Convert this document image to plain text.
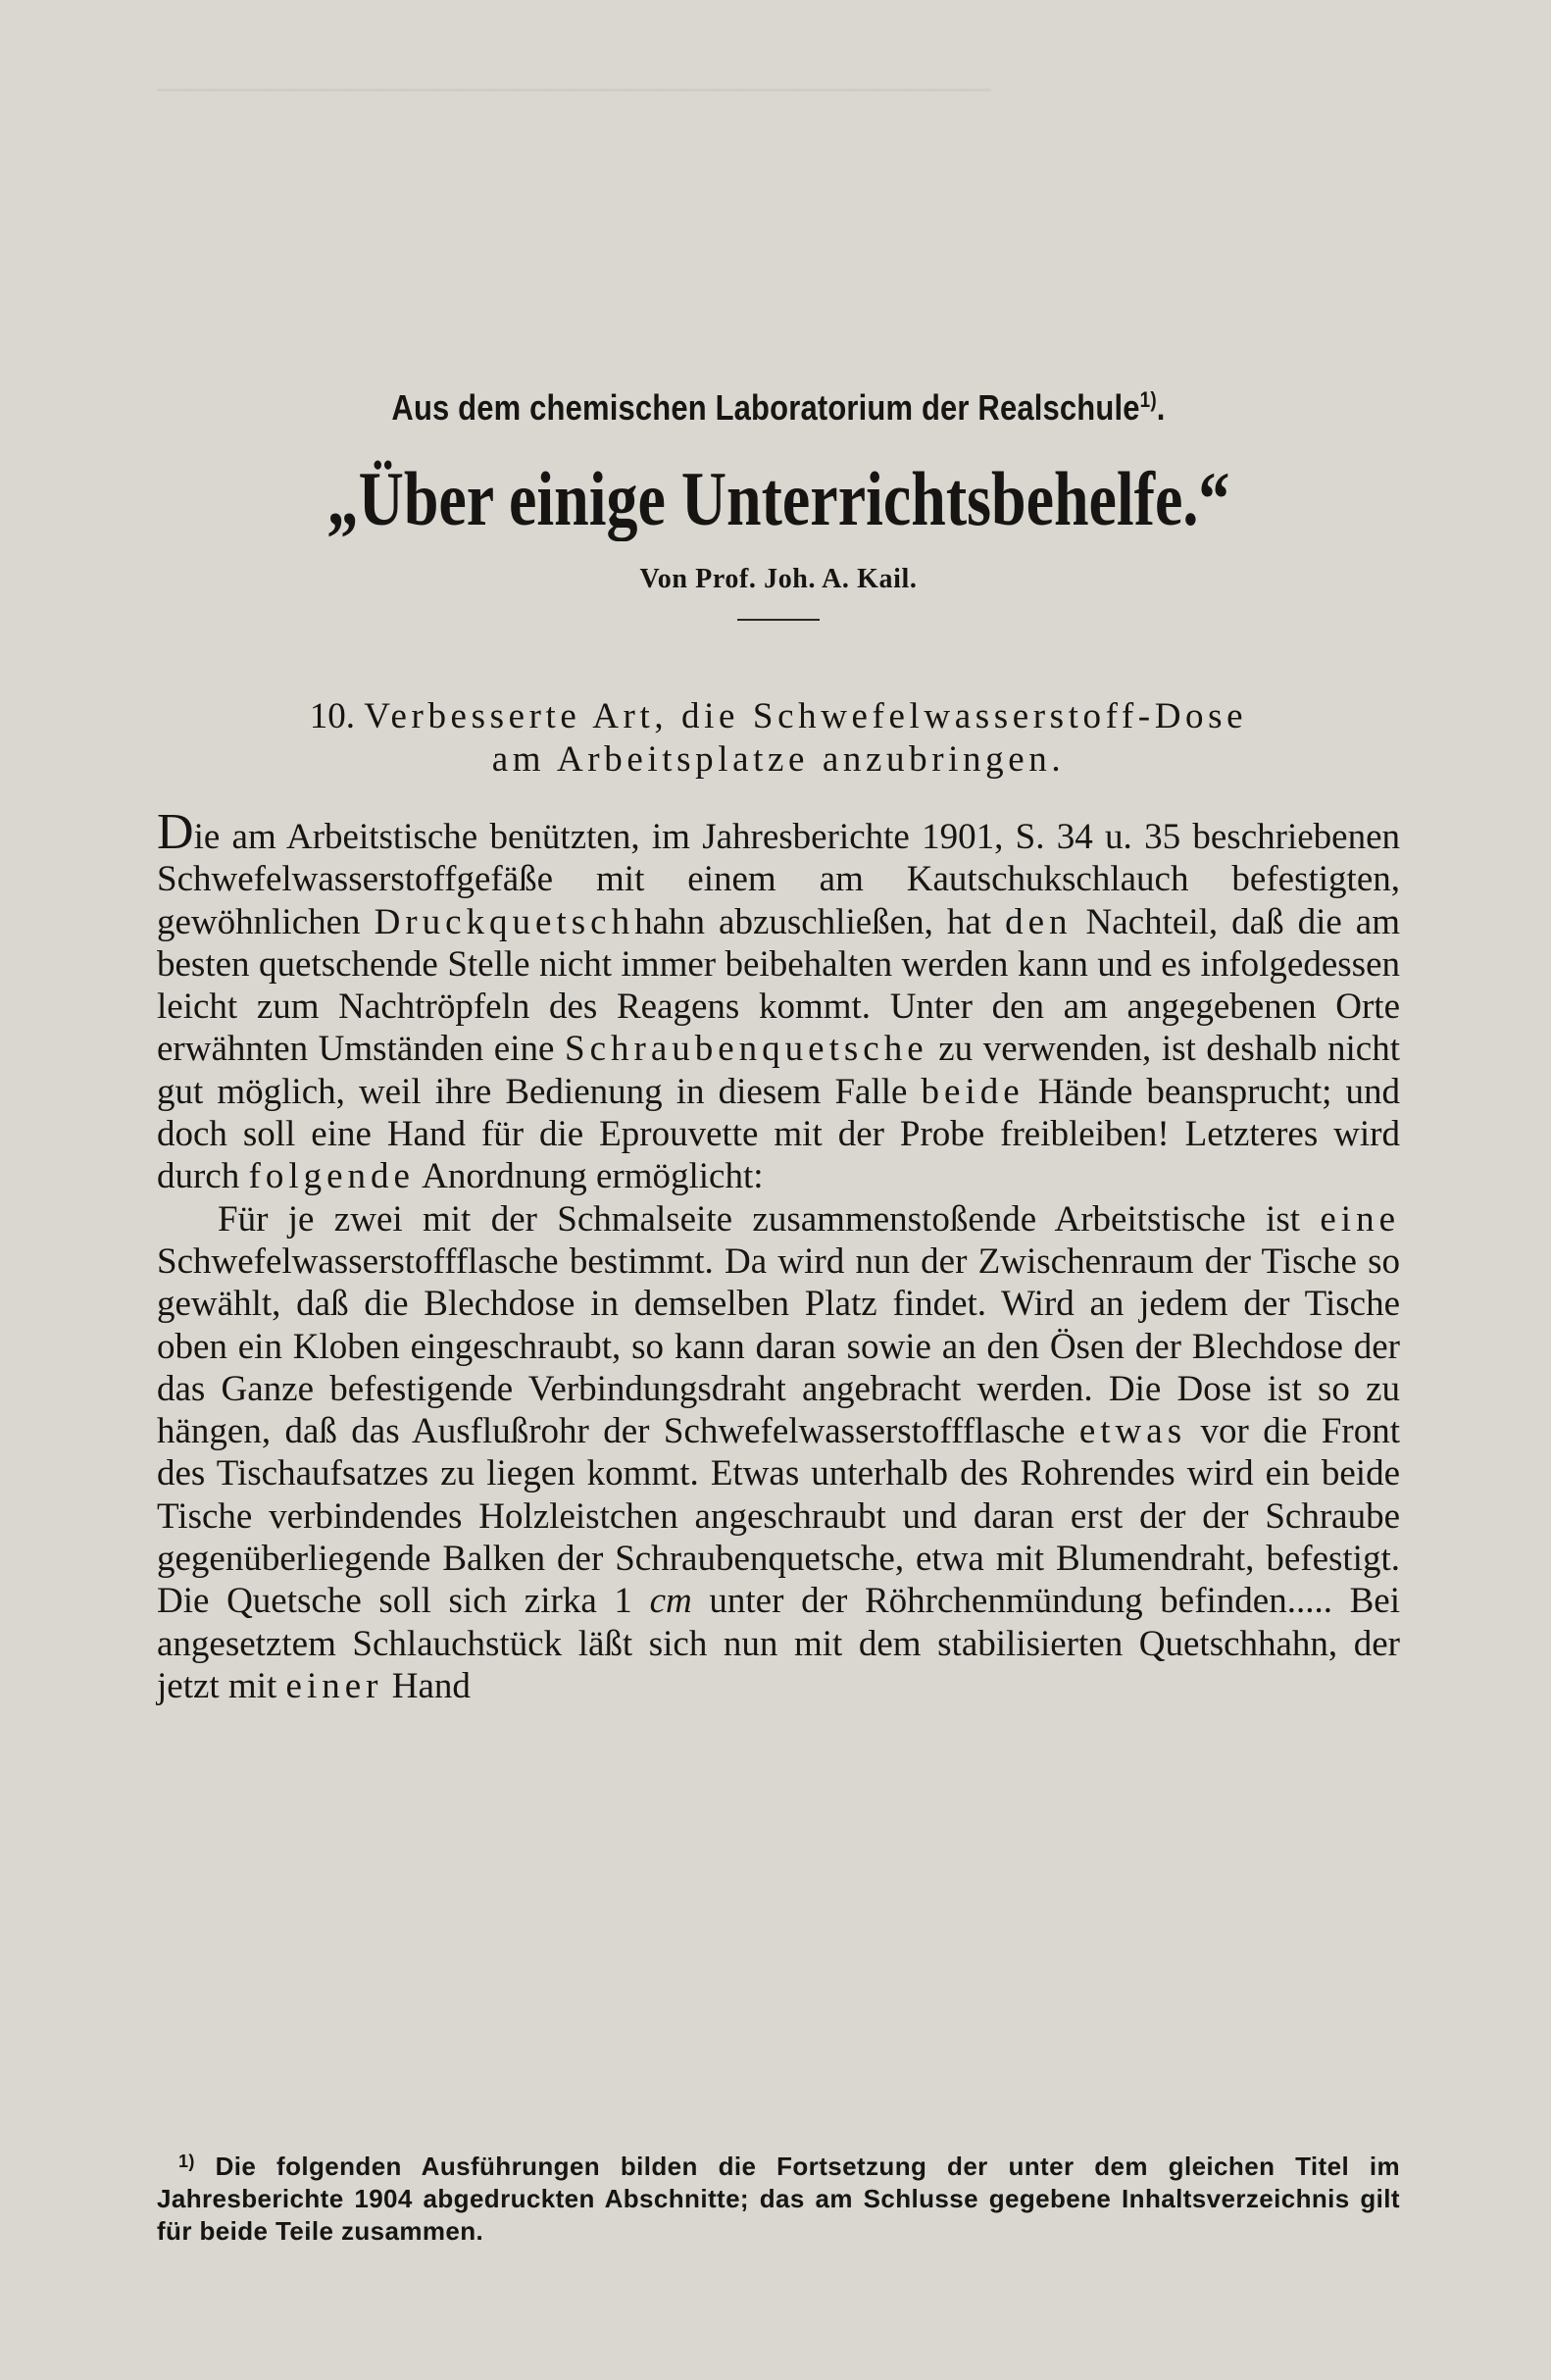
──────────────────────────────
Aus dem chemischen Laboratorium der Realschule$^{1)}$.
„Über einige Unterrichtsbehelfe.“
Von Prof. Joh. A. Kail.
10. Verbesserte Art, die Schwefelwasserstoff-Dose
am Arbeitsplatze anzubringen.

Die am Arbeitstische benützten, im Jahresberichte 1901, S. 34 u. 35 beschriebenen Schwefelwasserstoffgefäße mit einem am Kautschukschlauch befestigten, gewöhnlichen Druckquetschhahn abzuschließen, hat den Nachteil, daß die am besten quetschende Stelle nicht immer beibehalten werden kann und es infolgedessen leicht zum Nachtröpfeln des Reagens kommt. Unter den am angegebenen Orte erwähnten Umständen eine Schraubenquetsche zu verwenden, ist deshalb nicht gut möglich, weil ihre Bedienung in diesem Falle beide Hände beansprucht; und doch soll eine Hand für die Eprouvette mit der Probe freibleiben! Letzteres wird durch folgende Anordnung ermöglicht:

Für je zwei mit der Schmalseite zusammenstoßende Arbeitstische ist eine Schwefelwasserstoffflasche bestimmt. Da wird nun der Zwischenraum der Tische so gewählt, daß die Blechdose in demselben Platz findet. Wird an jedem der Tische oben ein Kloben eingeschraubt, so kann daran sowie an den Ösen der Blechdose der das Ganze befestigende Verbindungsdraht angebracht werden. Die Dose ist so zu hängen, daß das Ausflußrohr der Schwefelwasserstoffflasche etwas vor die Front des Tischaufsatzes zu liegen kommt. Etwas unterhalb des Rohrendes wird ein beide Tische verbindendes Holzleistchen angeschraubt und daran erst der der Schraube gegenüberliegende Balken der Schraubenquetsche, etwa mit Blumendraht, befestigt. Die Quetsche soll sich zirka 1 cm unter der Röhrchenmündung befinden..... Bei angesetztem Schlauchstück läßt sich nun mit dem stabilisierten Quetschhahn, der jetzt mit einer Hand

$^{1)}$ Die folgenden Ausführungen bilden die Fortsetzung der unter dem gleichen Titel im Jahresberichte 1904 abgedruckten Abschnitte; das am Schlusse gegebene Inhaltsverzeichnis gilt für beide Teile zusammen.
